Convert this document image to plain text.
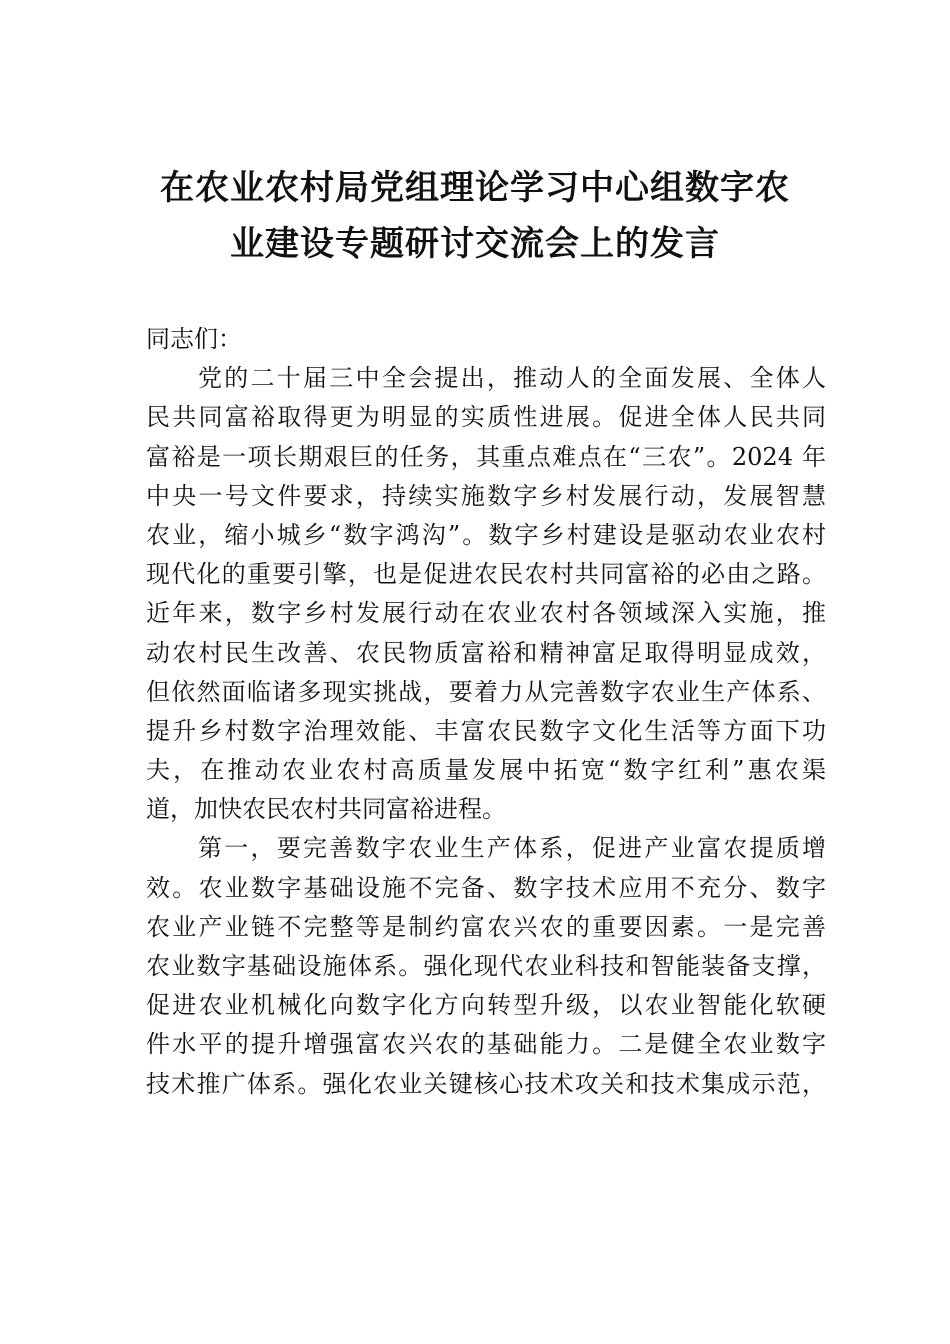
在农业农村局党组理论学习中心组数字农
业建设专题研讨交流会上的发言
同志们：
党的二十届三中全会提出，推动人的全面发展、全体人
民共同富裕取得更为明显的实质性进展。促进全体人民共同
富裕是一项长期艰巨的任务，其重点难点在“三农”。2024 年
中央一号文件要求，持续实施数字乡村发展行动，发展智慧
农业，缩小城乡“数字鸿沟”。数字乡村建设是驱动农业农村
现代化的重要引擎，也是促进农民农村共同富裕的必由之路。
近年来，数字乡村发展行动在农业农村各领域深入实施，推
动农村民生改善、农民物质富裕和精神富足取得明显成效，
但依然面临诸多现实挑战，要着力从完善数字农业生产体系、
提升乡村数字治理效能、丰富农民数字文化生活等方面下功
夫，在推动农业农村高质量发展中拓宽“数字红利”惠农渠
道，加快农民农村共同富裕进程。
第一，要完善数字农业生产体系，促进产业富农提质增
效。农业数字基础设施不完备、数字技术应用不充分、数字
农业产业链不完整等是制约富农兴农的重要因素。一是完善
农业数字基础设施体系。强化现代农业科技和智能装备支撑，
促进农业机械化向数字化方向转型升级，以农业智能化软硬
件水平的提升增强富农兴农的基础能力。二是健全农业数字
技术推广体系。强化农业关键核心技术攻关和技术集成示范，
